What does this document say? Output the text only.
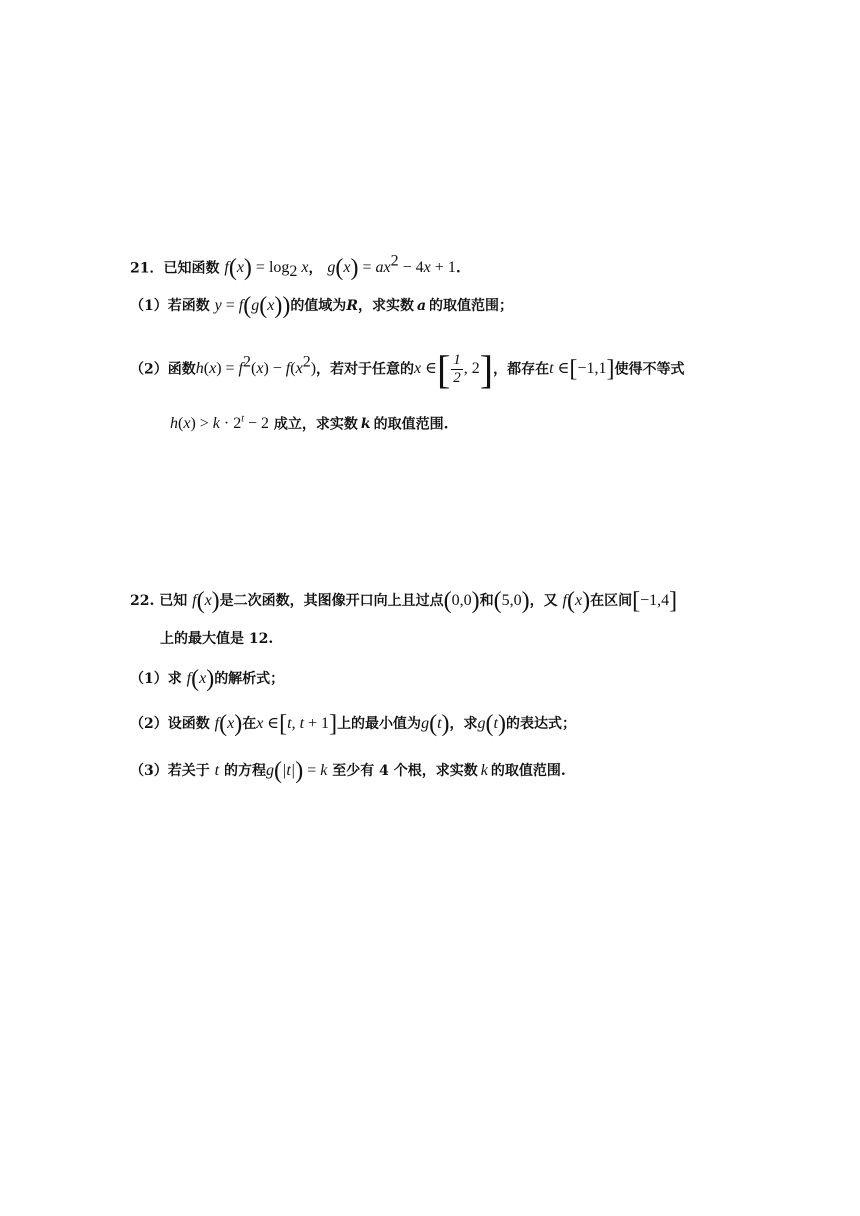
21．已知函数 $f(x) = \log_2 x$， $g(x) = ax^2 - 4x + 1$.
（1）若函数 y = f(g(x))的值域为R，求实数 a 的取值范围；
（2）函数$h(x) = f^2(x) - f(x^2)$，若对于任意的x ∈[ $\frac{1}{2}$ , 2]，都存在t ∈[−1,1]使得不等式
$h(x) > k \cdot 2^t - 2$ 成立，求实数 k 的取值范围.
22. 已知 f(x)是二次函数，其图像开口向上且过点(0,0)和(5,0)，又 f(x)在区间[−1,4]
上的最大值是 12.
（1）求 f(x)的解析式；
（2）设函数 f(x)在x ∈[t, t + 1]上的最小值为g(t)，求g(t)的表达式；
（3）若关于 t 的方程g(|t|) = k 至少有 4 个根，求实数 k 的取值范围.
